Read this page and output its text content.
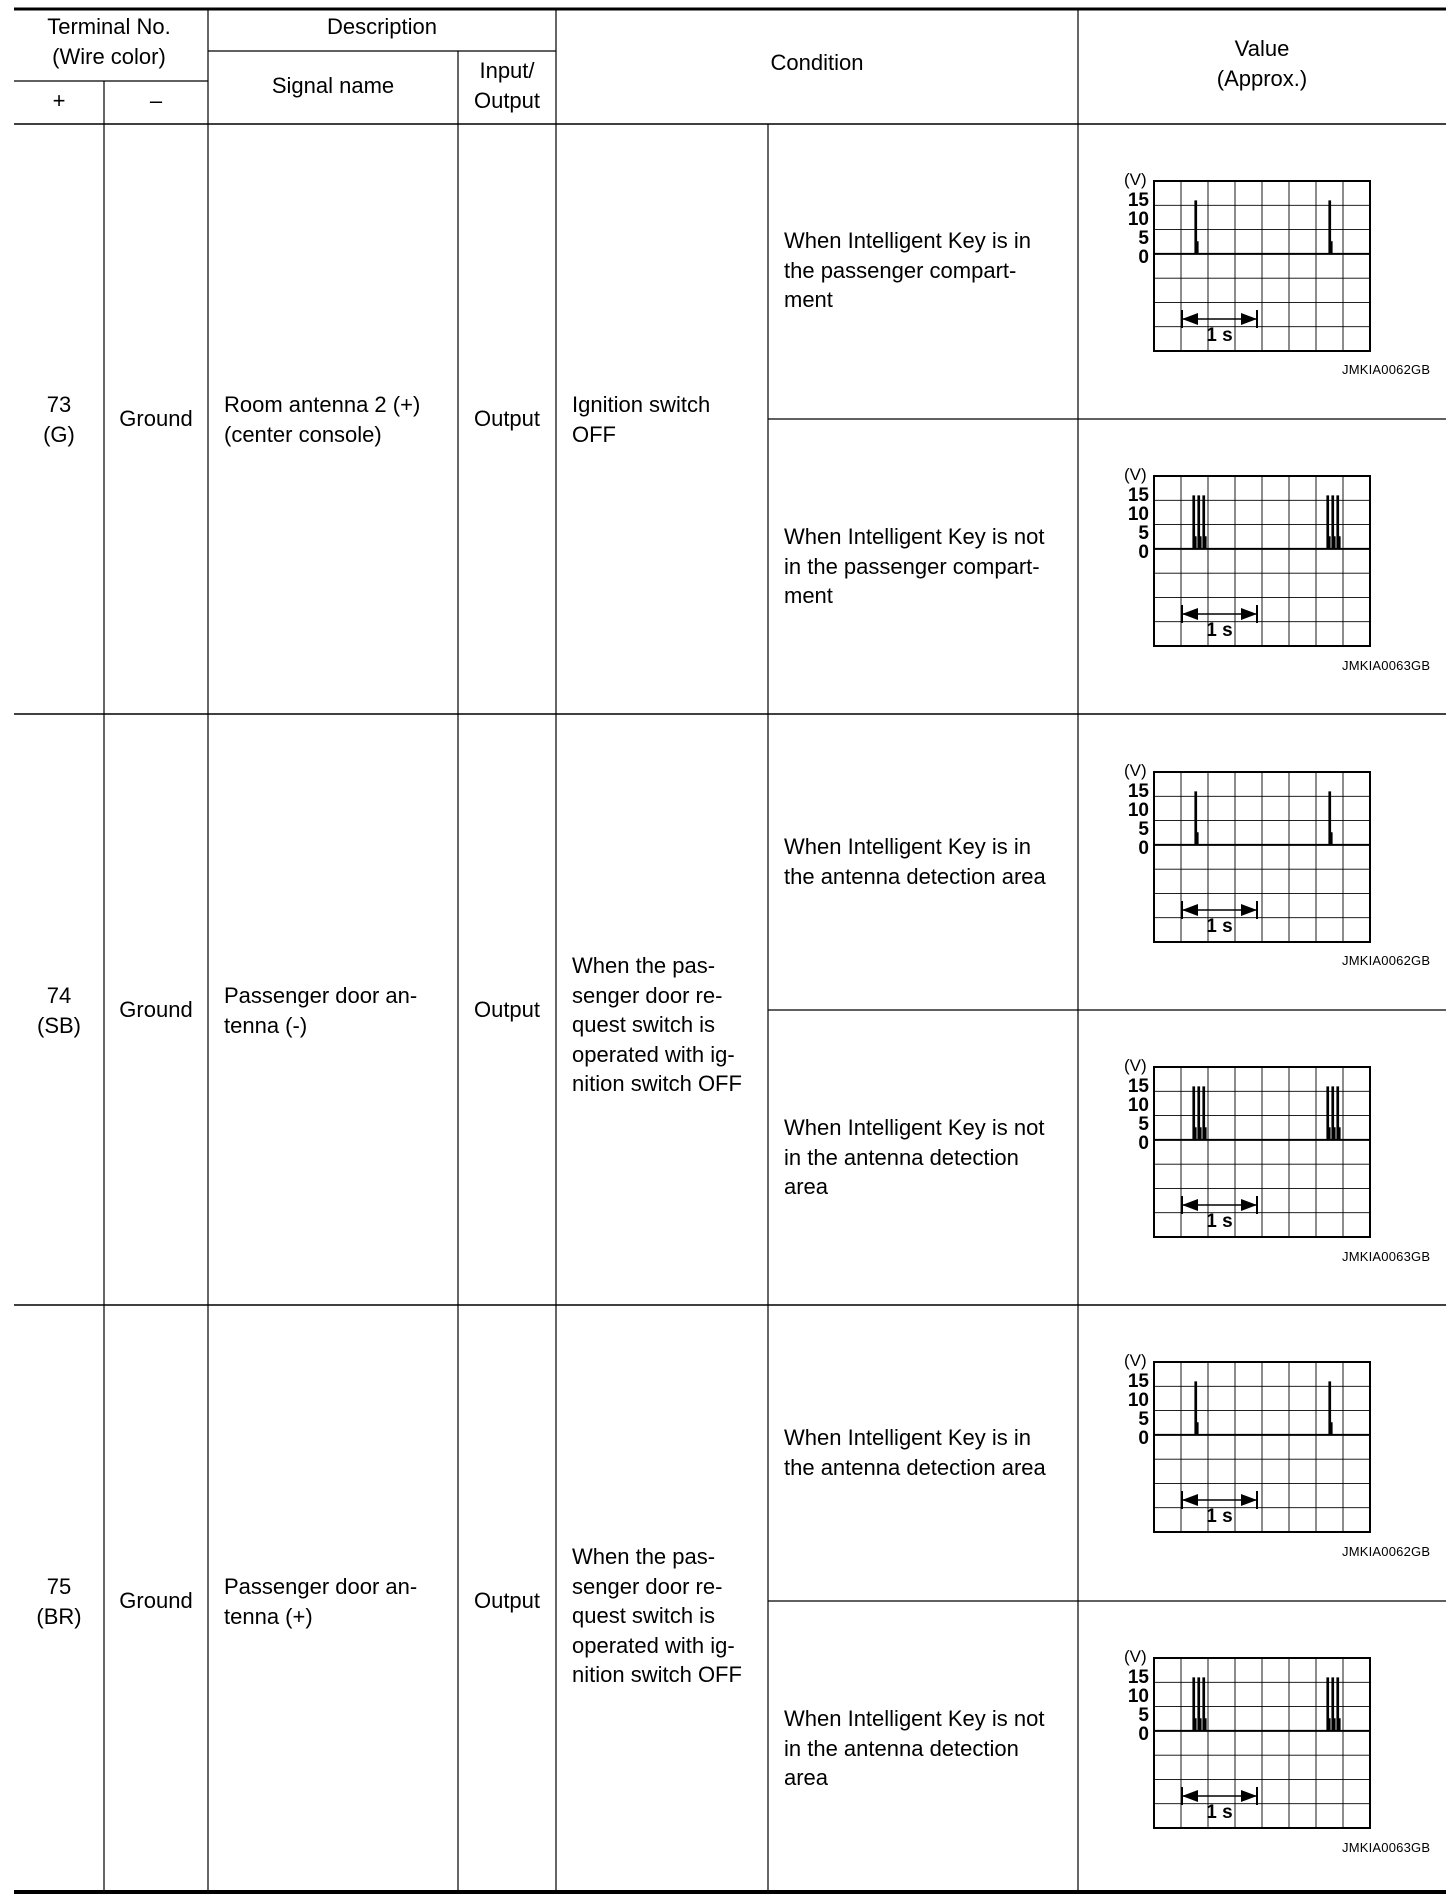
(V)
15
10
5
0
1 s
(V)
15
10
5
0
1 s
(V)
15
10
5
0
1 s
(V)
15
10
5
0
1 s
(V)
15
10
5
0
1 s
(V)
15
10
5
0
1 s
Terminal No.
(Wire color)
+	–
Description
Signal name
Input/
Output
Condition
Value
(Approx.)
73
(G)
Ground
Room antenna 2 (+)
(center console)
Output
Ignition switch
OFF
When Intelligent Key is in
the passenger compart-
ment
When Intelligent Key is not
in the passenger compart-
ment
JMKIA0062GB
JMKIA0063GB
74
(SB)
Ground
Passenger door an-
tenna (-)
Output
When the pas-
senger door re-
quest switch is
operated with ig-
nition switch OFF
When Intelligent Key is in
the antenna detection area
When Intelligent Key is not
in the antenna detection
area
JMKIA0062GB
JMKIA0063GB
75
(BR)
Ground
Passenger door an-
tenna (+)
Output
When the pas-
senger door re-
quest switch is
operated with ig-
nition switch OFF
When Intelligent Key is in
the antenna detection area
When Intelligent Key is not
in the antenna detection
area
JMKIA0062GB
JMKIA0063GB
